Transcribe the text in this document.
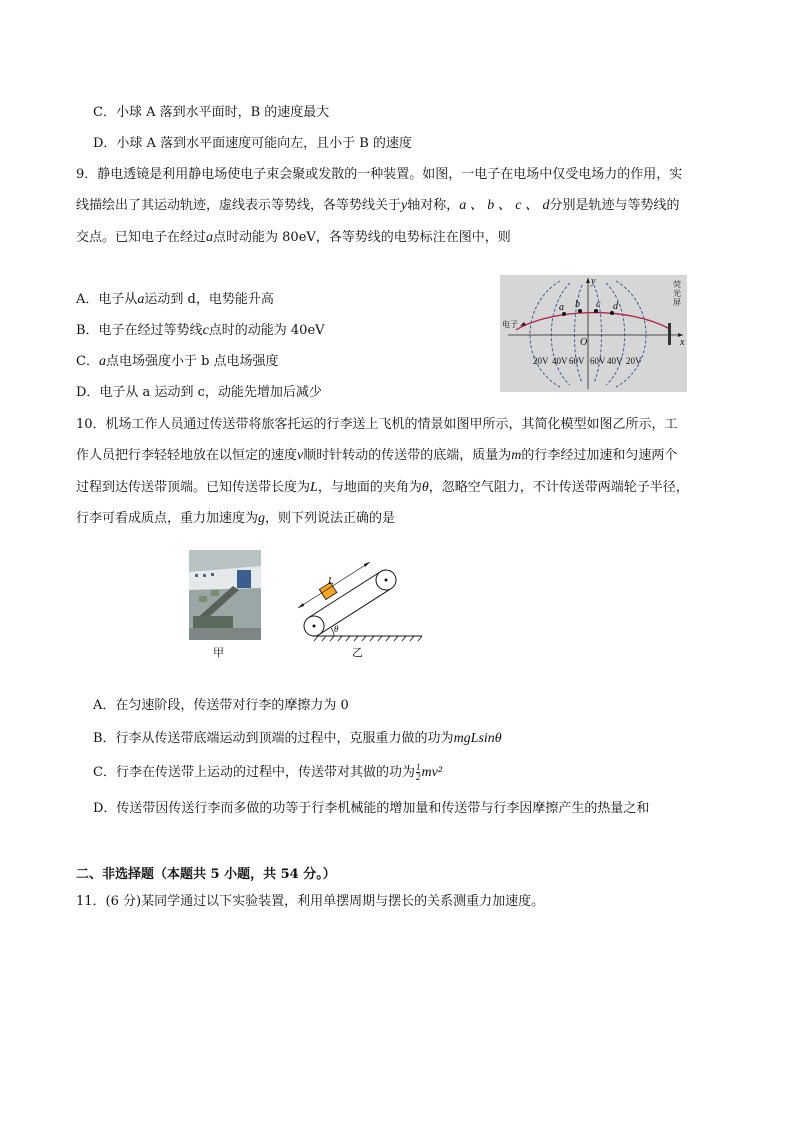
C．小球 A 落到水平面时，B 的速度最大
D．小球 A 落到水平面速度可能向左，且小于 B 的速度
9．静电透镜是利用静电场使电子束会聚或发散的一种装置。如图，一电子在电场中仅受电场力的作用，实
线描绘出了其运动轨迹，虚线表示等势线，各等势线关于y轴对称，a 、 b 、 c 、 d分别是轨迹与等势线的
交点。已知电子在经过a点时动能为 80eV，各等势线的电势标注在图中，则
A．电子从a运动到 d，电势能升高
B．电子在经过等势线c点时的动能为 40eV
C．a点电场强度小于 b 点电场强度
D．电子从 a 运动到 c，动能先增加后减少
a b c d
O	x
y
电子
荧
光
屏
20V 40V 60V 60V 40V 20V
10．机场工作人员通过传送带将旅客托运的行李送上飞机的情景如图甲所示，其简化模型如图乙所示，工
作人员把行李轻轻地放在以恒定的速度v顺时针转动的传送带的底端，质量为m的行李经过加速和匀速两个
过程到达传送带顶端。已知传送带长度为L，与地面的夹角为θ，忽略空气阻力，不计传送带两端轮子半径，
行李可看成质点，重力加速度为g，则下列说法正确的是
甲
θ
L
乙
A．在匀速阶段，传送带对行李的摩擦力为 0
B．行李从传送带底端运动到顶端的过程中，克服重力做的功为mgLsinθ
C．行李在传送带上运动的过程中，传送带对其做的功为 $\frac{1}{2} mv^2$
D．传送带因传送行李而多做的功等于行李机械能的增加量和传送带与行李因摩擦产生的热量之和
二、非选择题（本题共 5 小题，共 54 分。）
11．(6 分)某同学通过以下实验装置，利用单摆周期与摆长的关系测重力加速度。
